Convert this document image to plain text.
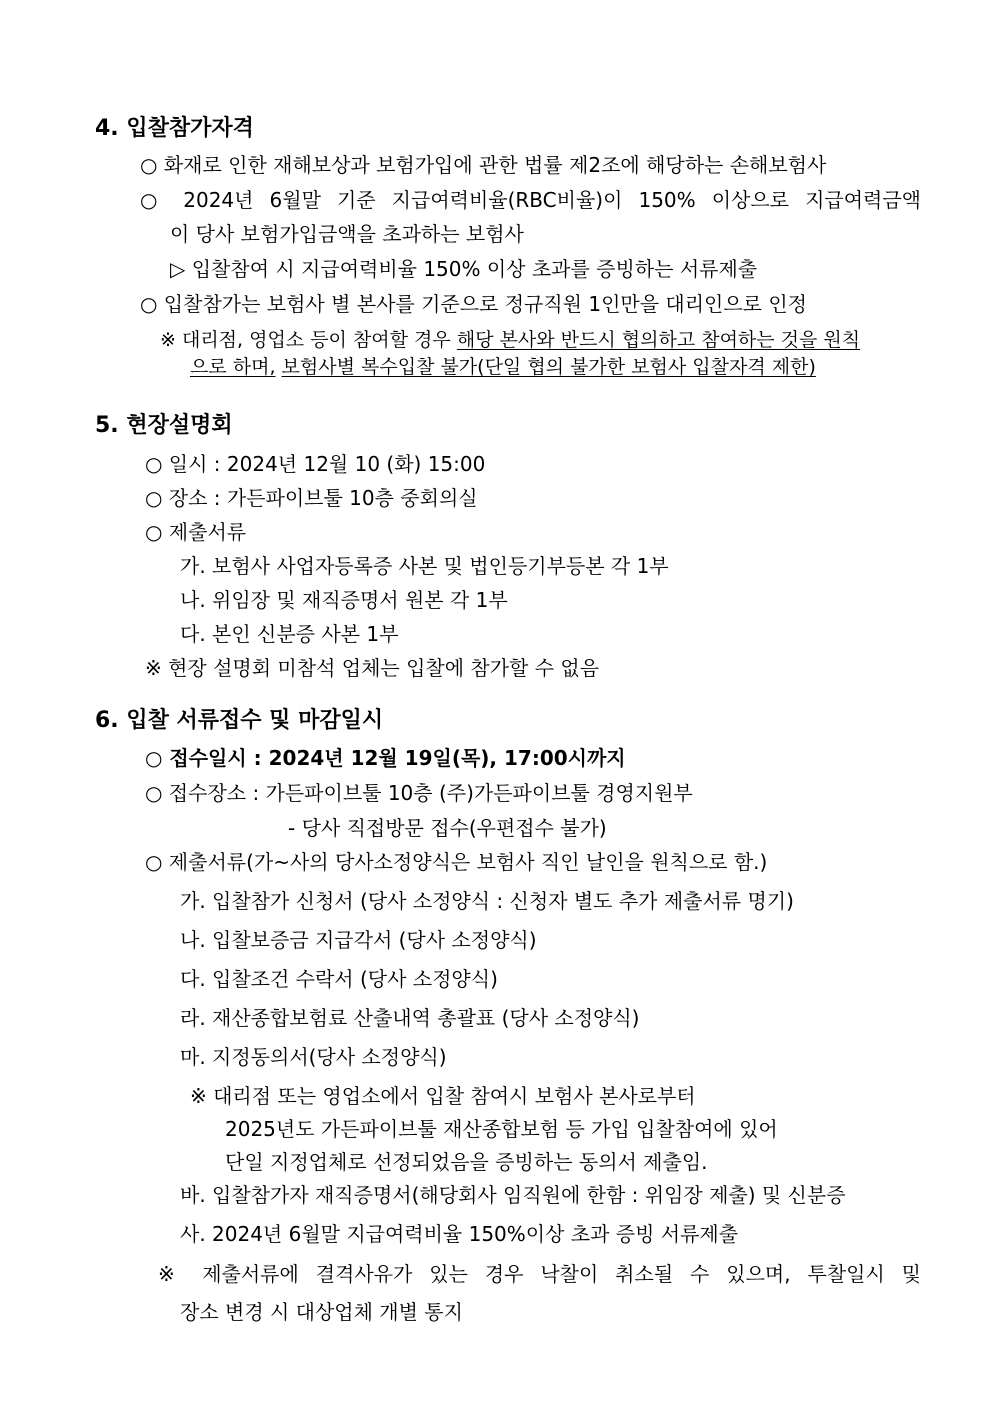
4. 입찰참가자격
○ 화재로 인한 재해보상과 보험가입에 관한 법률 제2조에 해당하는 손해보험사
○ 2024년 6월말 기준 지급여력비율(RBC비율)이 150% 이상으로 지급여력금액
이 당사 보험가입금액을 초과하는 보험사
▷ 입찰참여 시 지급여력비율 150% 이상 초과를 증빙하는 서류제출
○ 입찰참가는 보험사 별 본사를 기준으로 정규직원 1인만을 대리인으로 인정
※ 대리점, 영업소 등이 참여할 경우 해당 본사와 반드시 협의하고 참여하는 것을 원칙
으로 하며, 보험사별 복수입찰 불가(단일 협의 불가한 보험사 입찰자격 제한)
5. 현장설명회
○ 일시 : 2024년 12월 10 (화) 15:00
○ 장소 : 가든파이브툴 10층 중회의실
○ 제출서류
가. 보험사 사업자등록증 사본 및 법인등기부등본 각 1부
나. 위임장 및 재직증명서 원본 각 1부
다. 본인 신분증 사본 1부
※ 현장 설명회 미참석 업체는 입찰에 참가할 수 없음
6. 입찰 서류접수 및 마감일시
○ 접수일시 : 2024년 12월 19일(목), 17:00시까지
○ 접수장소 : 가든파이브툴 10층 (주)가든파이브툴 경영지원부
- 당사 직접방문 접수(우편접수 불가)
○ 제출서류(가~사의 당사소정양식은 보험사 직인 날인을 원칙으로 함.)
가. 입찰참가 신청서 (당사 소정양식 : 신청자 별도 추가 제출서류 명기)
나. 입찰보증금 지급각서 (당사 소정양식)
다. 입찰조건 수락서 (당사 소정양식)
라. 재산종합보험료 산출내역 총괄표 (당사 소정양식)
마. 지정동의서(당사 소정양식)
※ 대리점 또는 영업소에서 입찰 참여시 보험사 본사로부터
2025년도 가든파이브툴 재산종합보험 등 가입 입찰참여에 있어
단일 지정업체로 선정되었음을 증빙하는 동의서 제출임.
바. 입찰참가자 재직증명서(해당회사 임직원에 한함 : 위임장 제출) 및 신분증
사. 2024년 6월말 지급여력비율 150%이상 초과 증빙 서류제출
※ 제출서류에 결격사유가 있는 경우 낙찰이 취소될 수 있으며, 투찰일시 및
장소 변경 시 대상업체 개별 통지
